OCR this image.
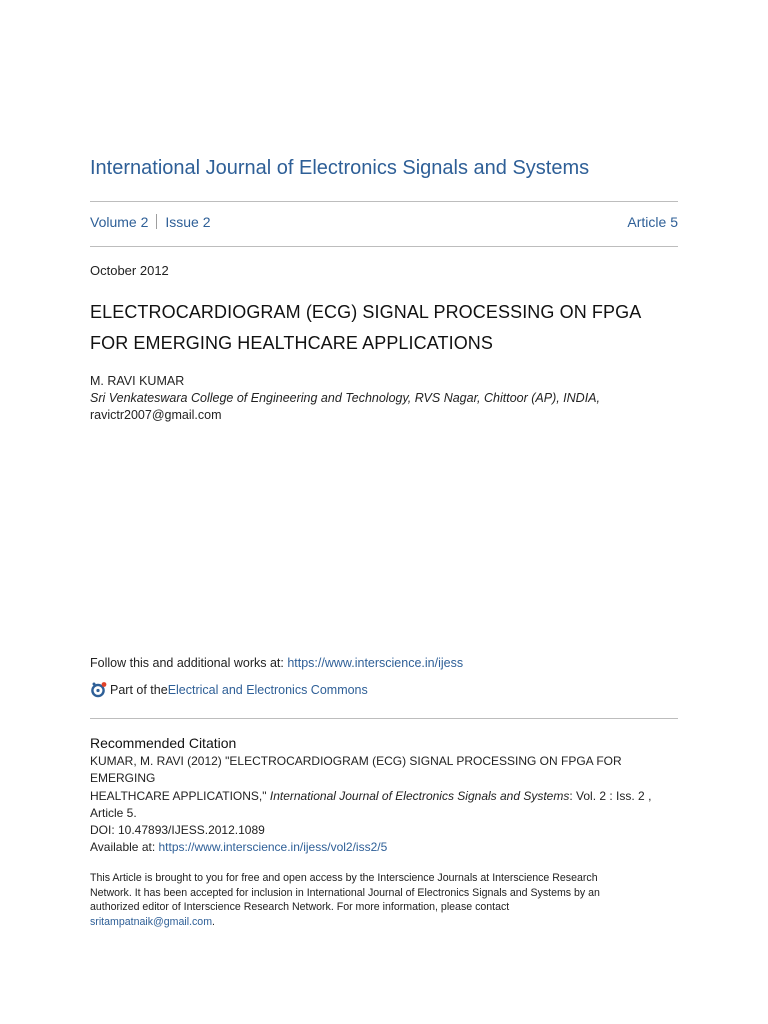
International Journal of Electronics Signals and Systems
Volume 2 Issue 2	Article 5
October 2012
ELECTROCARDIOGRAM (ECG) SIGNAL PROCESSING ON FPGA
FOR EMERGING HEALTHCARE APPLICATIONS
M. RAVI KUMAR
Sri Venkateswara College of Engineering and Technology, RVS Nagar, Chittoor (AP), INDIA,
ravictr2007@gmail.com
Follow this and additional works at: https://www.interscience.in/ijess
Part of the Electrical and Electronics Commons
Recommended Citation
KUMAR, M. RAVI (2012) "ELECTROCARDIOGRAM (ECG) SIGNAL PROCESSING ON FPGA FOR EMERGING
HEALTHCARE APPLICATIONS," International Journal of Electronics Signals and Systems: Vol. 2 : Iss. 2 ,
Article 5.
DOI: 10.47893/IJESS.2012.1089
Available at: https://www.interscience.in/ijess/vol2/iss2/5
This Article is brought to you for free and open access by the Interscience Journals at Interscience Research
Network. It has been accepted for inclusion in International Journal of Electronics Signals and Systems by an
authorized editor of Interscience Research Network. For more information, please contact
sritampatnaik@gmail.com.
